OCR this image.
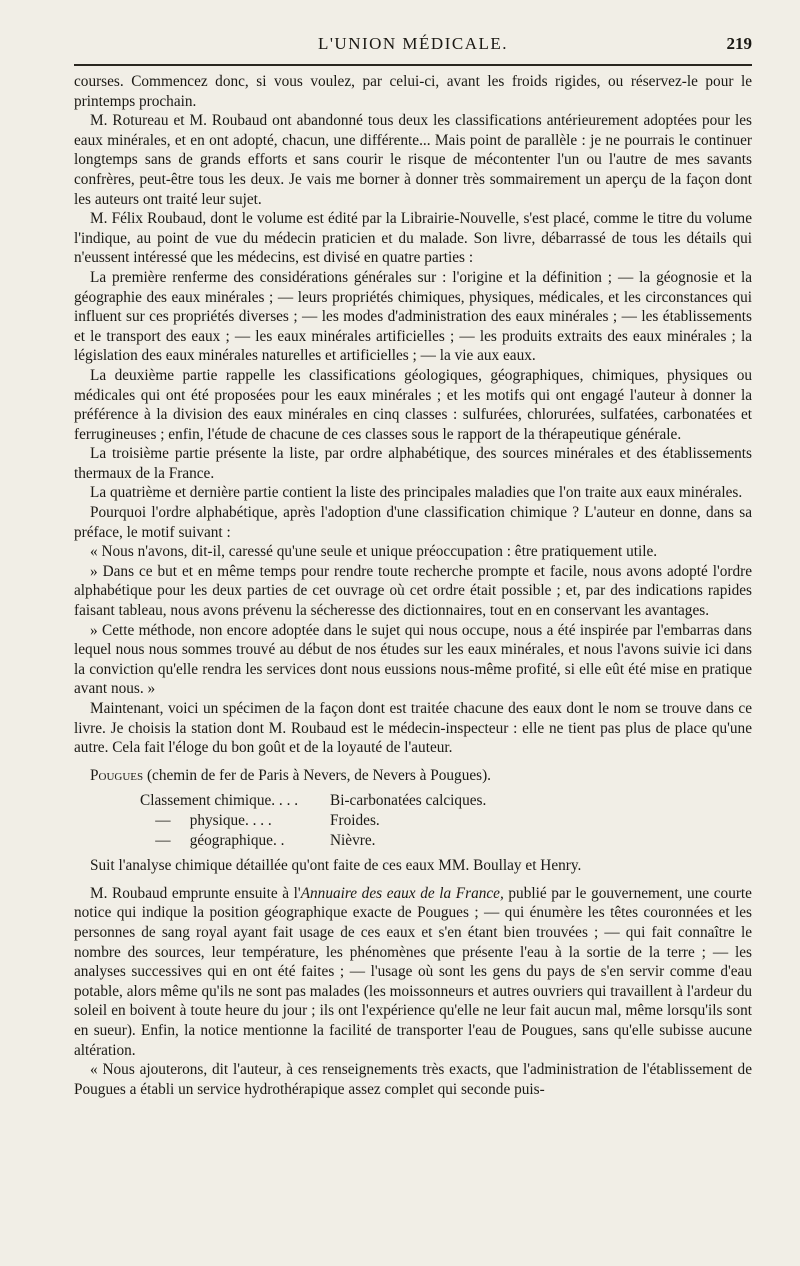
L'UNION MÉDICALE.	219

courses. Commencez donc, si vous voulez, par celui-ci, avant les froids rigides, ou réservez-le pour le printemps prochain.

M. Rotureau et M. Roubaud ont abandonné tous deux les classifications antérieurement adoptées pour les eaux minérales, et en ont adopté, chacun, une différente... Mais point de parallèle : je ne pourrais le continuer longtemps sans de grands efforts et sans courir le risque de mécontenter l'un ou l'autre de mes savants confrères, peut-être tous les deux. Je vais me borner à donner très sommairement un aperçu de la façon dont les auteurs ont traité leur sujet.

M. Félix Roubaud, dont le volume est édité par la Librairie-Nouvelle, s'est placé, comme le titre du volume l'indique, au point de vue du médecin praticien et du malade. Son livre, débarrassé de tous les détails qui n'eussent intéressé que les médecins, est divisé en quatre parties :

La première renferme des considérations générales sur : l'origine et la définition ; — la géognosie et la géographie des eaux minérales ; — leurs propriétés chimiques, physiques, médicales, et les circonstances qui influent sur ces propriétés diverses ; — les modes d'administration des eaux minérales ; — les établissements et le transport des eaux ; — les eaux minérales artificielles ; — les produits extraits des eaux minérales ; la législation des eaux minérales naturelles et artificielles ; — la vie aux eaux.

La deuxième partie rappelle les classifications géologiques, géographiques, chimiques, physiques ou médicales qui ont été proposées pour les eaux minérales ; et les motifs qui ont engagé l'auteur à donner la préférence à la division des eaux minérales en cinq classes : sulfurées, chlorurées, sulfatées, carbonatées et ferrugineuses ; enfin, l'étude de chacune de ces classes sous le rapport de la thérapeutique générale.

La troisième partie présente la liste, par ordre alphabétique, des sources minérales et des établissements thermaux de la France.

La quatrième et dernière partie contient la liste des principales maladies que l'on traite aux eaux minérales.

Pourquoi l'ordre alphabétique, après l'adoption d'une classification chimique ? L'auteur en donne, dans sa préface, le motif suivant :

« Nous n'avons, dit-il, caressé qu'une seule et unique préoccupation : être pratiquement utile.

» Dans ce but et en même temps pour rendre toute recherche prompte et facile, nous avons adopté l'ordre alphabétique pour les deux parties de cet ouvrage où cet ordre était possible ; et, par des indications rapides faisant tableau, nous avons prévenu la sécheresse des dictionnaires, tout en en conservant les avantages.

» Cette méthode, non encore adoptée dans le sujet qui nous occupe, nous a été inspirée par l'embarras dans lequel nous nous sommes trouvé au début de nos études sur les eaux minérales, et nous l'avons suivie ici dans la conviction qu'elle rendra les services dont nous eussions nous-même profité, si elle eût été mise en pratique avant nous. »

Maintenant, voici un spécimen de la façon dont est traitée chacune des eaux dont le nom se trouve dans ce livre. Je choisis la station dont M. Roubaud est le médecin-inspecteur : elle ne tient pas plus de place qu'une autre. Cela fait l'éloge du bon goût et de la loyauté de l'auteur.

Pougues (chemin de fer de Paris à Nevers, de Nevers à Pougues).

Classement chimique. . . .	Bi-carbonatées calciques.
—     physique. . . .	Froides.
—     géographique. .	Nièvre.

Suit l'analyse chimique détaillée qu'ont faite de ces eaux MM. Boullay et Henry.

M. Roubaud emprunte ensuite à l'Annuaire des eaux de la France, publié par le gouvernement, une courte notice qui indique la position géographique exacte de Pougues ; — qui énumère les têtes couronnées et les personnes de sang royal ayant fait usage de ces eaux et s'en étant bien trouvées ; — qui fait connaître le nombre des sources, leur température, les phénomènes que présente l'eau à la sortie de la terre ; — les analyses successives qui en ont été faites ; — l'usage où sont les gens du pays de s'en servir comme d'eau potable, alors même qu'ils ne sont pas malades (les moissonneurs et autres ouvriers qui travaillent à l'ardeur du soleil en boivent à toute heure du jour ; ils ont l'expérience qu'elle ne leur fait aucun mal, même lorsqu'ils sont en sueur). Enfin, la notice mentionne la facilité de transporter l'eau de Pougues, sans qu'elle subisse aucune altération.

« Nous ajouterons, dit l'auteur, à ces renseignements très exacts, que l'administration de l'établissement de Pougues a établi un service hydrothérapique assez complet qui seconde puis-
